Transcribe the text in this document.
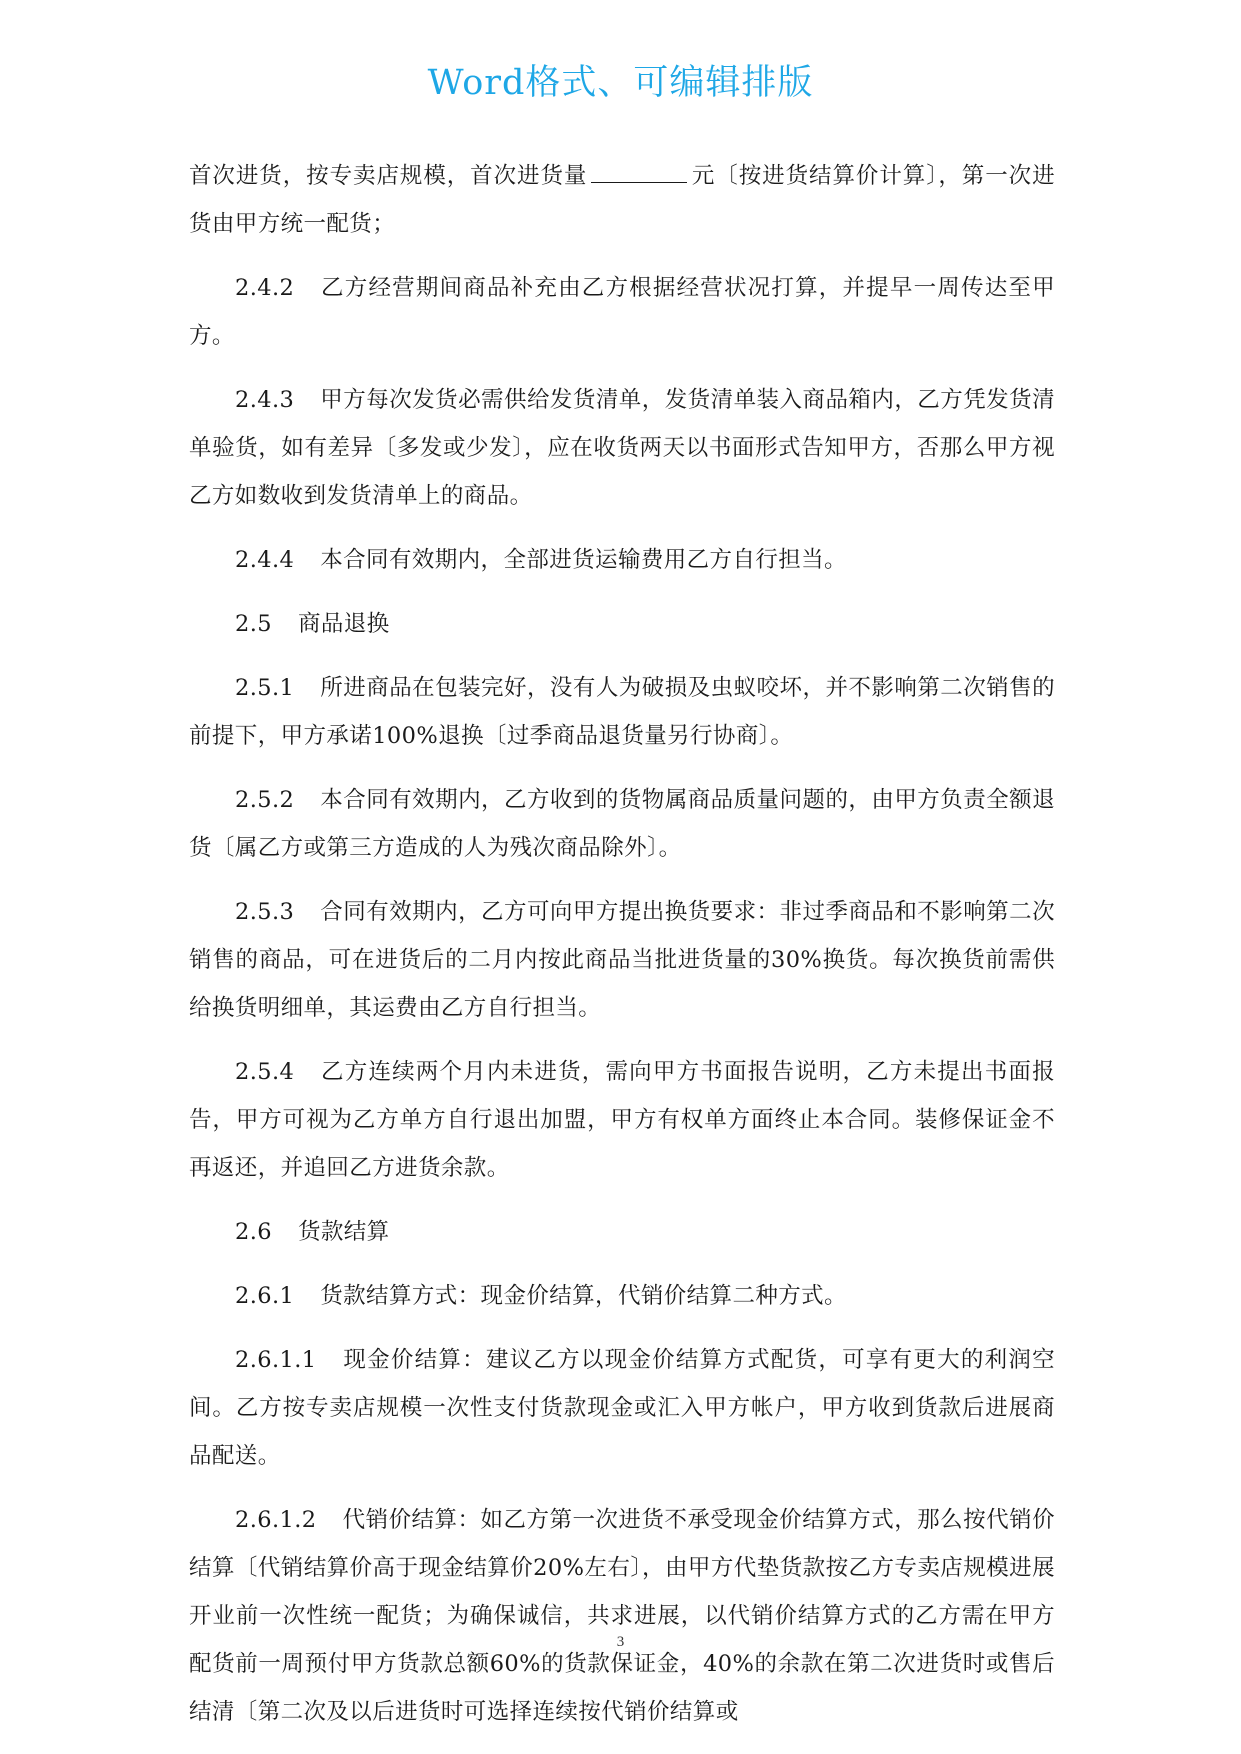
Word格式、可编辑排版

首次进货，按专卖店规模，首次进货量	元〔按进货结算价计算〕，第一次进货由甲方统一配货；

2.4.2 乙方经营期间商品补充由乙方根据经营状况打算，并提早一周传达至甲方。

2.4.3 甲方每次发货必需供给发货清单，发货清单装入商品箱内，乙方凭发货清单验货，如有差异〔多发或少发〕，应在收货两天以书面形式告知甲方，否那么甲方视乙方如数收到发货清单上的商品。

2.4.4 本合同有效期内，全部进货运输费用乙方自行担当。

2.5 商品退换

2.5.1 所进商品在包装完好，没有人为破损及虫蚁咬坏，并不影响第二次销售的前提下，甲方承诺100%退换〔过季商品退货量另行协商〕。

2.5.2 本合同有效期内，乙方收到的货物属商品质量问题的，由甲方负责全额退货〔属乙方或第三方造成的人为残次商品除外〕。

2.5.3 合同有效期内，乙方可向甲方提出换货要求：非过季商品和不影响第二次销售的商品，可在进货后的二月内按此商品当批进货量的30%换货。每次换货前需供给换货明细单，其运费由乙方自行担当。

2.5.4 乙方连续两个月内未进货，需向甲方书面报告说明，乙方未提出书面报告，甲方可视为乙方单方自行退出加盟，甲方有权单方面终止本合同。装修保证金不再返还，并追回乙方进货余款。

2.6 货款结算

2.6.1 货款结算方式：现金价结算，代销价结算二种方式。

2.6.1.1 现金价结算：建议乙方以现金价结算方式配货，可享有更大的利润空间。乙方按专卖店规模一次性支付货款现金或汇入甲方帐户，甲方收到货款后进展商品配送。

2.6.1.2 代销价结算：如乙方第一次进货不承受现金价结算方式，那么按代销价结算〔代销结算价高于现金结算价20%左右〕，由甲方代垫货款按乙方专卖店规模进展开业前一次性统一配货；为确保诚信，共求进展，以代销价结算方式的乙方需在甲方配货前一周预付甲方货款总额60%的货款保证金，40%的余款在第二次进货时或售后结清〔第二次及以后进货时可选择连续按代销价结算或

3
